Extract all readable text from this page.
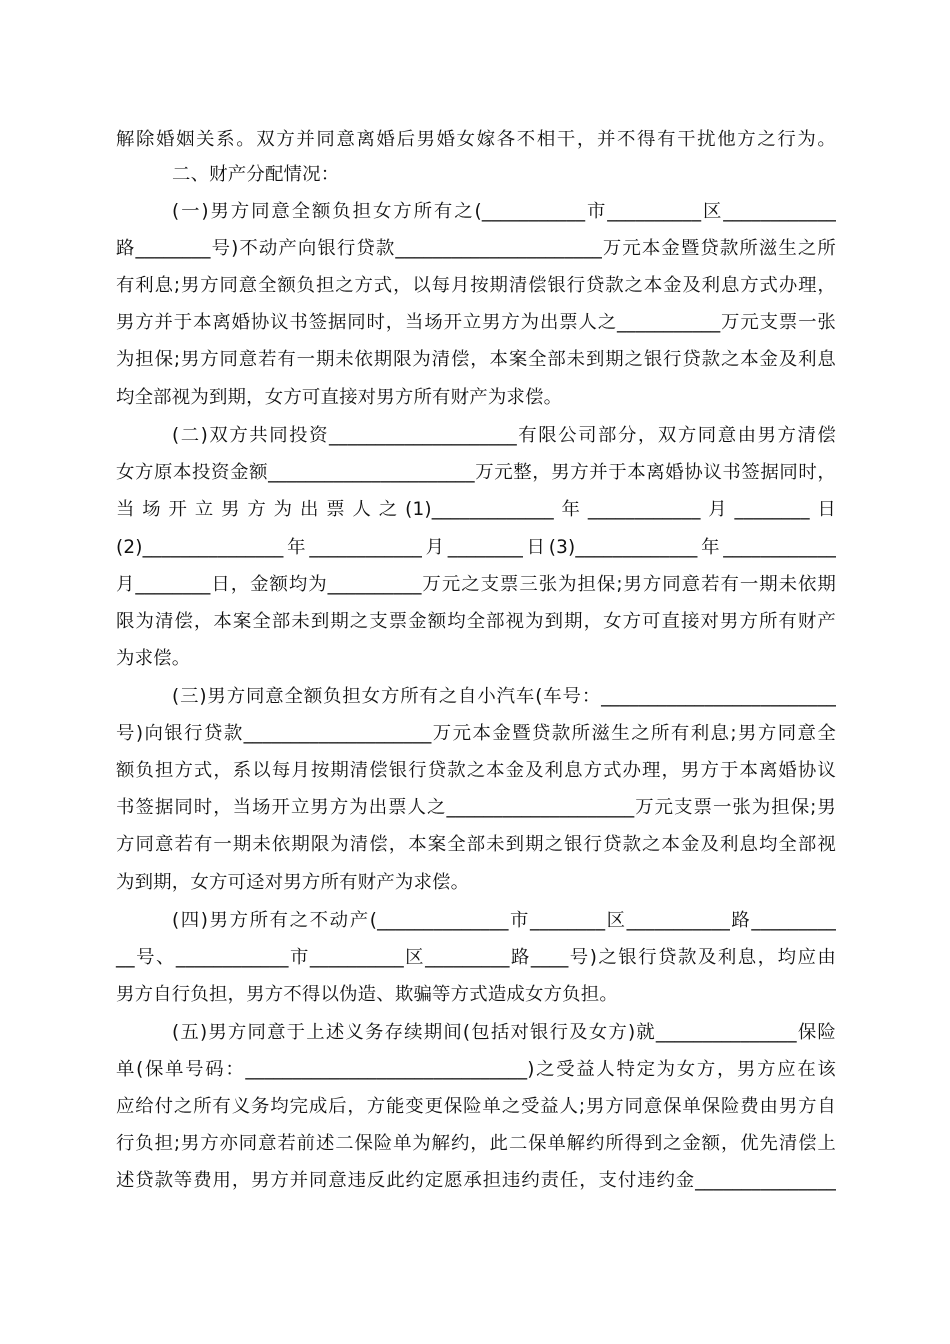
解除婚姻关系。双方并同意离婚后男婚女嫁各不相干，并不得有干扰他方之行为。
二、财产分配情况：
(一)男方同意全额负担女方所有之(___________市__________区____________
路________号)不动产向银行贷款______________________万元本金暨贷款所滋生之所
有利息;男方同意全额负担之方式，以每月按期清偿银行贷款之本金及利息方式办理，
男方并于本离婚协议书签据同时，当场开立男方为出票人之___________万元支票一张
为担保;男方同意若有一期未依期限为清偿，本案全部未到期之银行贷款之本金及利息
均全部视为到期，女方可直接对男方所有财产为求偿。
(二)双方共同投资____________________有限公司部分，双方同意由男方清偿
女方原本投资金额______________________万元整，男方并于本离婚协议书签据同时，
当场开立男方为出票人之(1)_____________年____________月________日
(2)_______________年____________月________日(3)_____________年____________
月________日，金额均为__________万元之支票三张为担保;男方同意若有一期未依期
限为清偿，本案全部未到期之支票金额均全部视为到期，女方可直接对男方所有财产
为求偿。
(三)男方同意全额负担女方所有之自小汽车(车号：_________________________
号)向银行贷款____________________万元本金暨贷款所滋生之所有利息;男方同意全
额负担方式，系以每月按期清偿银行贷款之本金及利息方式办理，男方于本离婚协议
书签据同时，当场开立男方为出票人之____________________万元支票一张为担保;男
方同意若有一期未依期限为清偿，本案全部未到期之银行贷款之本金及利息均全部视
为到期，女方可迳对男方所有财产为求偿。
(四)男方所有之不动产(______________市________区___________路_________
__号、____________市__________区_________路____号)之银行贷款及利息，均应由
男方自行负担，男方不得以伪造、欺骗等方式造成女方负担。
(五)男方同意于上述义务存续期间(包括对银行及女方)就_______________保险
单(保单号码：______________________________)之受益人特定为女方，男方应在该
应给付之所有义务均完成后，方能变更保险单之受益人;男方同意保单保险费由男方自
行负担;男方亦同意若前述二保险单为解约，此二保单解约所得到之金额，优先清偿上
述贷款等费用，男方并同意违反此约定愿承担违约责任，支付违约金_______________
